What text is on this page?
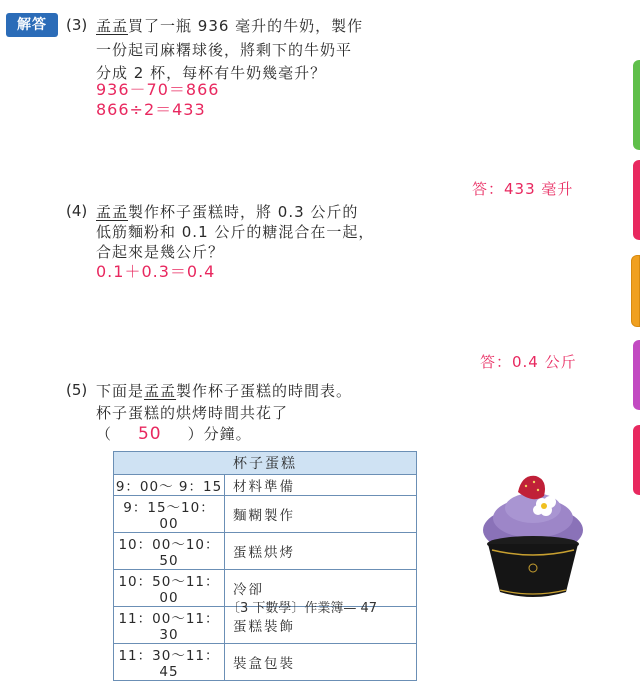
解答	(3) 孟孟買了一瓶 936 毫升的牛奶，製作
一份起司麻糬球後，將剩下的牛奶平
分成 2 杯，每杯有牛奶幾毫升？
936－70＝866
866÷2＝433
答：433 毫升
(4) 孟孟製作杯子蛋糕時，將 0.3 公斤的
低筋麵粉和 0.1 公斤的糖混合在一起，
合起來是幾公斤？
0.1＋0.3＝0.4
答：0.4 公斤
(5) 下面是孟孟製作杯子蛋糕的時間表。
杯子蛋糕的烘烤時間共花了
（ 50 ）分鐘。
杯子蛋糕	
9：00～ 9：15	材料準備
9：15～10：00	麵糊製作
10：00～10：50	蛋糕烘烤
10：50～11：00	冷卻
11：00～11：30	蛋糕裝飾
11：30～11：45	裝盒包裝
〔3 下數學〕作業簿— 47
